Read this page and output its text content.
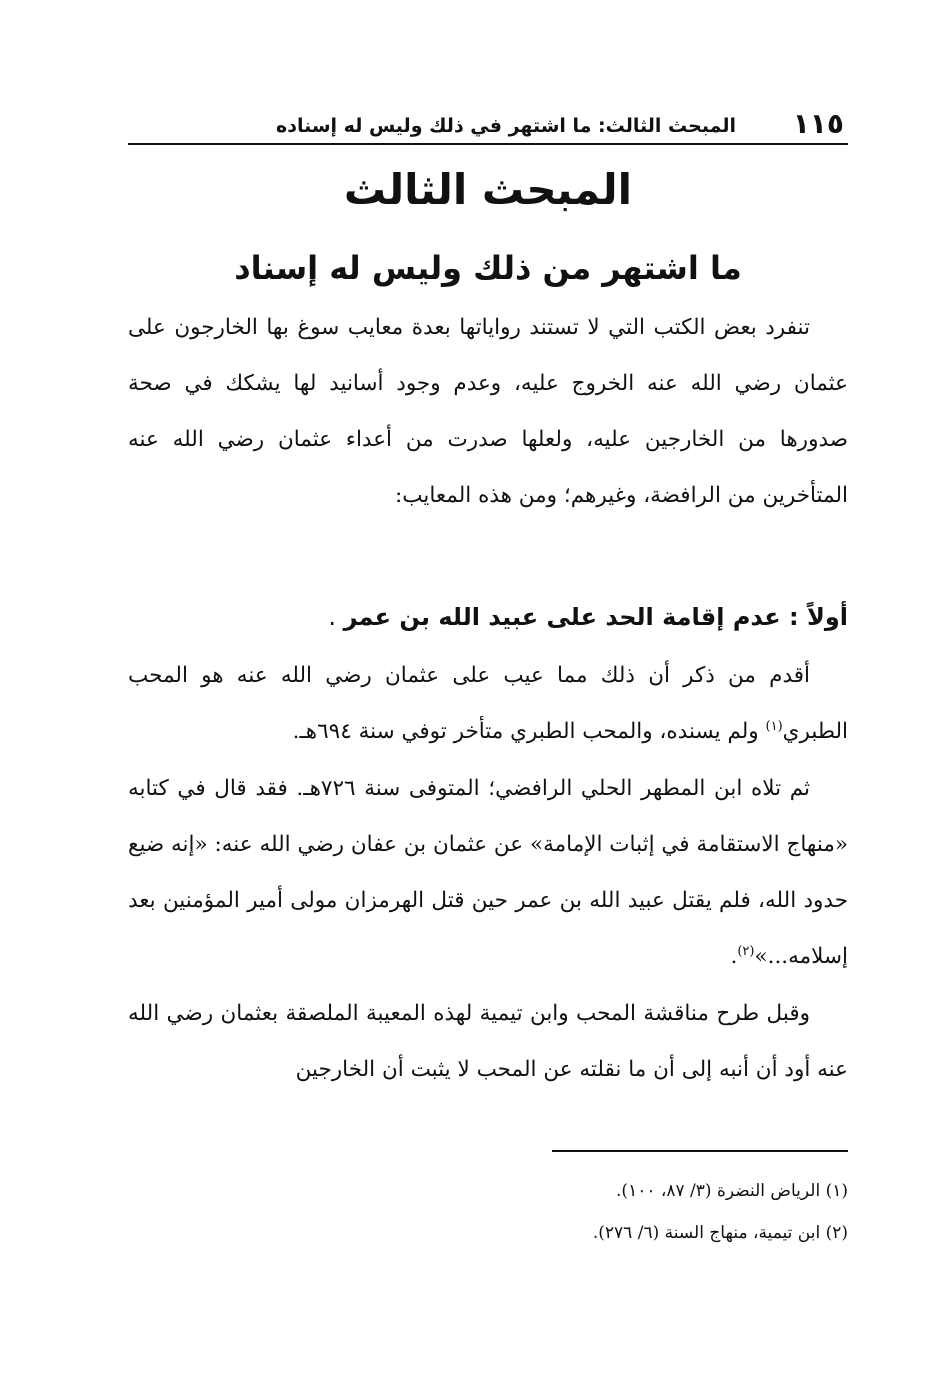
١١٥
المبحث الثالث: ما اشتهر في ذلك وليس له إسناده
المبحث الثالث
ما اشتهر من ذلك وليس له إسناد

تنفرد بعض الكتب التي لا تستند رواياتها بعدة معايب سوغ بها الخارجون على عثمان رضي الله عنه الخروج عليه، وعدم وجود أسانيد لها يشكك في صحة صدورها من الخارجين عليه، ولعلها صدرت من أعداء عثمان رضي الله عنه المتأخرين من الرافضة، وغيرهم؛ ومن هذه المعايب:

أولاً : عدم إقامة الحد على عبيد الله بن عمر .

أقدم من ذكر أن ذلك مما عيب على عثمان رضي الله عنه هو المحب الطبري$^{(١)}$ ولم يسنده، والمحب الطبري متأخر توفي سنة ٦٩٤هـ.

ثم تلاه ابن المطهر الحلي الرافضي؛ المتوفى سنة ٧٢٦هـ. فقد قال في كتابه «منهاج الاستقامة في إثبات الإمامة» عن عثمان بن عفان رضي الله عنه: «إنه ضيع حدود الله، فلم يقتل عبيد الله بن عمر حين قتل الهرمزان مولى أمير المؤمنين بعد إسلامه...»$^{(٢)}$.

وقبل طرح مناقشة المحب وابن تيمية لهذه المعيبة الملصقة بعثمان رضي الله عنه أود أن أنبه إلى أن ما نقلته عن المحب لا يثبت أن الخارجين

(١) الرياض النضرة (٣/ ٨٧، ١٠٠).
(٢) ابن تيمية، منهاج السنة (٦/ ٢٧٦).
